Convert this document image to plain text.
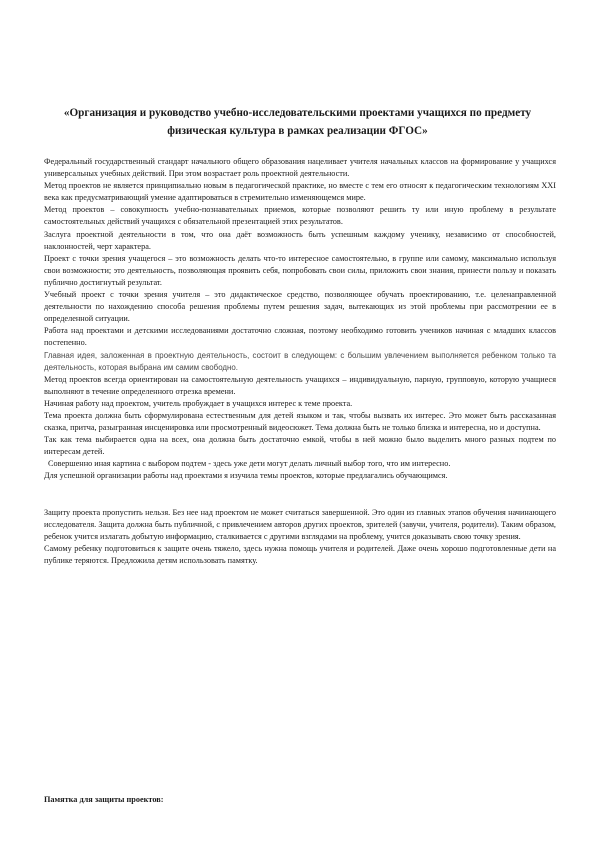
«Организация и руководство учебно-исследовательскими проектами учащихся по предмету физическая культура в рамках реализации ФГОС»

Федеральный государственный стандарт начального общего образования нацеливает учителя начальных классов на формирование у учащихся универсальных учебных действий. При этом возрастает роль проектной деятельности.

Метод проектов не является принципиально новым в педагогической практике, но вместе с тем его относят к педагогическим технологиям XXI века как предусматривающий умение адаптироваться в стремительно изменяющемся мире.

Метод проектов – совокупность учебно-познавательных приемов, которые позволяют решить ту или иную проблему в результате самостоятельных действий учащихся с обязательной презентацией этих результатов.

Заслуга проектной деятельности в том, что она даёт возможность быть успешным каждому ученику, независимо от способностей, наклонностей, черт характера.

Проект с точки зрения учащегося – это возможность делать что-то интересное самостоятельно, в группе или самому, максимально используя свои возможности; это деятельность, позволяющая проявить себя, попробовать свои силы, приложить свои знания, принести пользу и показать публично достигнутый результат.

Учебный проект с точки зрения учителя – это дидактическое средство, позволяющее обучать проектированию, т.е. целенаправленной деятельности по нахождению способа решения проблемы путем решения задач, вытекающих из этой проблемы при рассмотрении ее в определенной ситуации.

Работа над проектами и детскими исследованиями достаточно сложная, поэтому необходимо готовить учеников начиная с младших классов постепенно.

Главная идея, заложенная в проектную деятельность, состоит в следующем: с большим увлечением выполняется ребенком только та деятельность, которая выбрана им самим свободно.

Метод проектов всегда ориентирован на самостоятельную деятельность учащихся – индивидуальную, парную, групповую, которую учащиеся выполняют в течение определенного отрезка времени.

Начиная работу над проектом, учитель пробуждает в учащихся интерес к теме проекта.

Тема проекта должна быть сформулирована естественным для детей языком и так, чтобы вызвать их интерес. Это может быть рассказанная сказка, притча, разыгранная инсценировка или просмотренный видеосюжет. Тема должна быть не только близка и интересна, но и доступна.

Так как тема выбирается одна на всех, она должна быть достаточно емкой, чтобы в ней можно было выделить много разных подтем по интересам детей.

Совершенно иная картина с выбором подтем - здесь уже дети могут делать личный выбор того, что им интересно.

Для успешной организации работы над проектами я изучила темы проектов, которые предлагались обучающимся.

Защиту проекта пропустить нельзя. Без нее над проектом не может считаться завершенной. Это один из главных этапов обучения начинающего исследователя. Защита должна быть публичной, с привлечением авторов других проектов, зрителей (завучи, учителя, родители). Таким образом, ребенок учится излагать добытую информацию, сталкивается с другими взглядами на проблему, учится доказывать свою точку зрения.

Самому ребенку подготовиться к защите очень тяжело, здесь нужна помощь учителя и родителей. Даже очень хорошо подготовленные дети на публике теряются. Предложила детям использовать памятку.

Памятка для защиты проектов:
